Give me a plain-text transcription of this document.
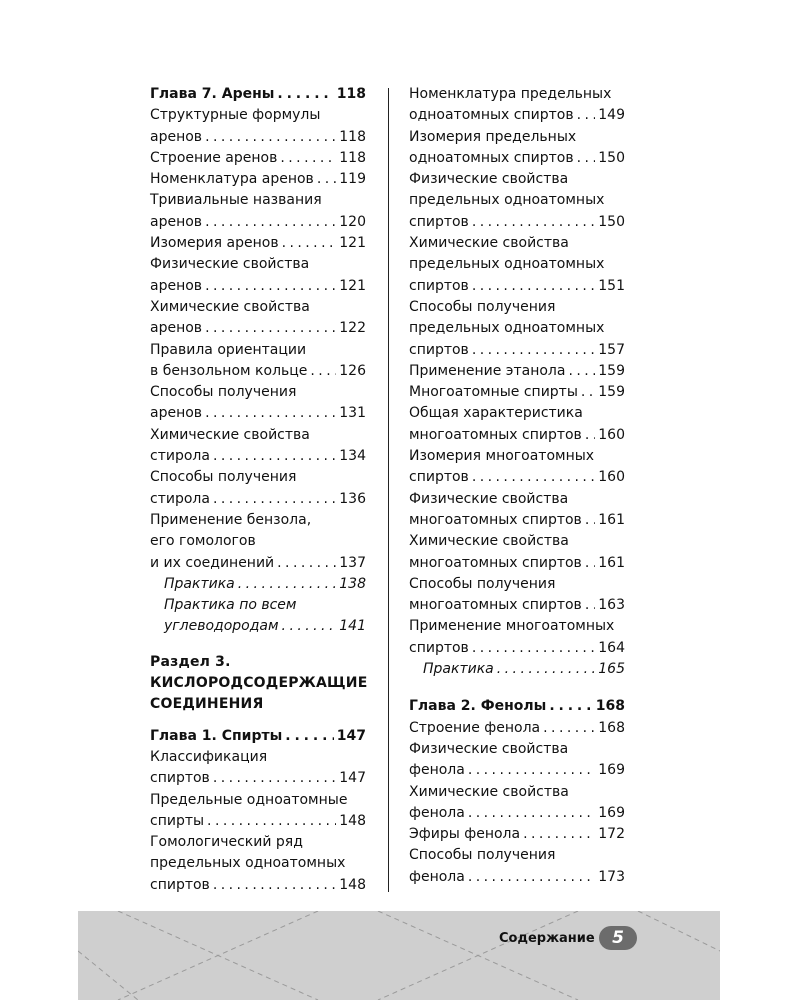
Глава 7. Арены . . .	118
Структурные формулы
аренов . . .	118
Строение аренов . . .	118
Номенклатура аренов . . . 119
Тривиальные названия
аренов . . .	120
Изомерия аренов . . .	121
Физические свойства
аренов . . .	121
Химические свойства
аренов . . .	122
Правила ориентации
в бензольном кольце . . . 126
Способы получения
аренов . . .	131
Химические свойства
стирола . . .	134
Способы получения
стирола . . .	136
Применение бензола,
его гомологов
и их соединений . . .	137
Практика . . .	138
Практика по всем
углеводородам . . .	141
Раздел 3.
КИСЛОРОДСОДЕРЖАЩИЕ
СОЕДИНЕНИЯ
Глава 1. Спирты . . .	147
Классификация
спиртов . . .	147
Предельные одноатомные
спирты . . .	148
Гомологический ряд
предельных одноатомных
спиртов . . .	148
Номенклатура предельных
одноатомных спиртов . . . 149
Изомерия предельных
одноатомных спиртов . . . 150
Физические свойства
предельных одноатомных
спиртов . . .	150
Химические свойства
предельных одноатомных
спиртов . . .	151
Способы получения
предельных одноатомных
спиртов . . .	157
Применение этанола . . . 159
Многоатомные спирты . . . 159
Общая характеристика
многоатомных спиртов . . . 160
Изомерия многоатомных
спиртов . . .	160
Физические свойства
многоатомных спиртов . . . 161
Химические свойства
многоатомных спиртов . . . 161
Способы получения
многоатомных спиртов . . . 163
Применение многоатомных
спиртов . . .	164
Практика . . .	165
Глава 2. Фенолы . . .	168
Строение фенола . . .	168
Физические свойства
фенола . . .	169
Химические свойства
фенола . . .	169
Эфиры фенола . . .	172
Способы получения
фенола . . .	173
Содержание	5
